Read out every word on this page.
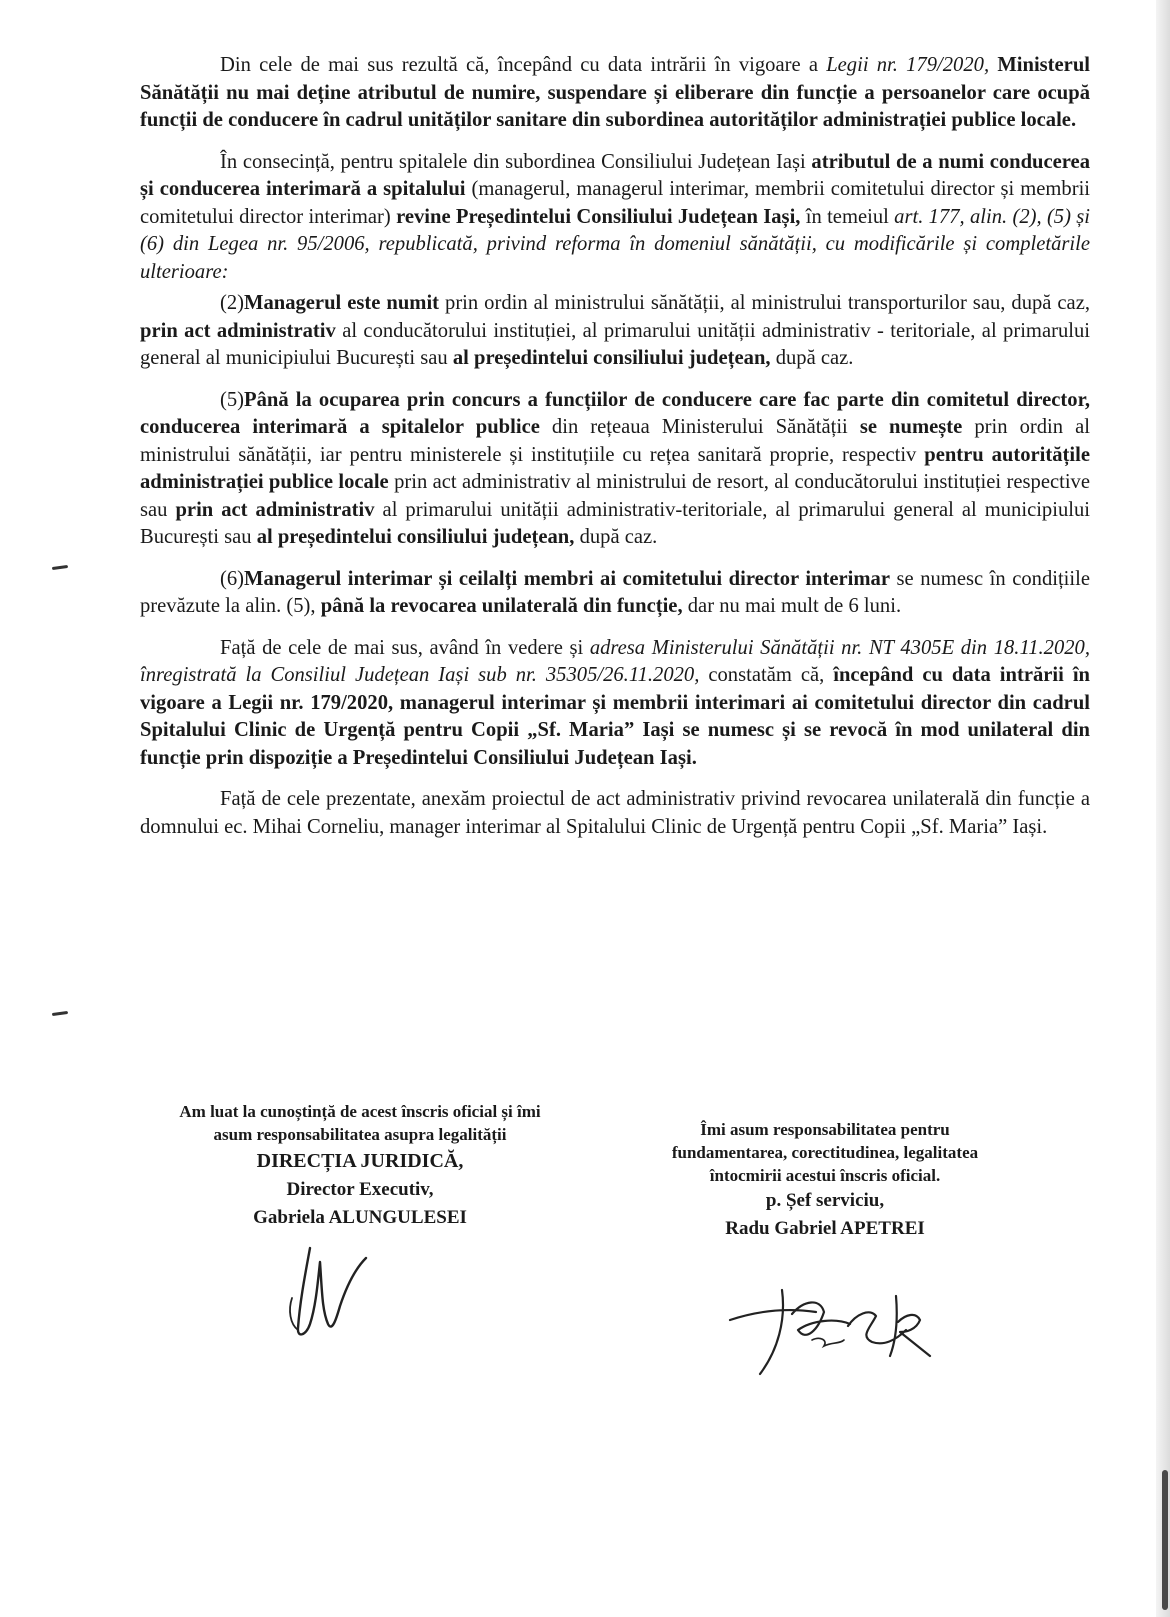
Din cele de mai sus rezultă că, începând cu data intrării în vigoare a Legii nr. 179/2020, Ministerul Sănătății nu mai deține atributul de numire, suspendare și eliberare din funcție a persoanelor care ocupă funcții de conducere în cadrul unităților sanitare din subordinea autorităților administrației publice locale.

În consecință, pentru spitalele din subordinea Consiliului Județean Iași atributul de a numi conducerea și conducerea interimară a spitalului (managerul, managerul interimar, membrii comitetului director și membrii comitetului director interimar) revine Președintelui Consiliului Județean Iași, în temeiul art. 177, alin. (2), (5) și (6) din Legea nr. 95/2006, republicată, privind reforma în domeniul sănătății, cu modificările și completările ulterioare:

(2)Managerul este numit prin ordin al ministrului sănătății, al ministrului transporturilor sau, după caz, prin act administrativ al conducătorului instituției, al primarului unității administrativ - teritoriale, al primarului general al municipiului București sau al președintelui consiliului județean, după caz.

(5)Până la ocuparea prin concurs a funcțiilor de conducere care fac parte din comitetul director, conducerea interimară a spitalelor publice din rețeaua Ministerului Sănătății se numește prin ordin al ministrului sănătății, iar pentru ministerele și instituțiile cu rețea sanitară proprie, respectiv pentru autoritățile administrației publice locale prin act administrativ al ministrului de resort, al conducătorului instituției respective sau prin act administrativ al primarului unității administrativ-teritoriale, al primarului general al municipiului București sau al președintelui consiliului județean, după caz.

(6)Managerul interimar și ceilalți membri ai comitetului director interimar se numesc în condițiile prevăzute la alin. (5), până la revocarea unilaterală din funcție, dar nu mai mult de 6 luni.

Față de cele de mai sus, având în vedere și adresa Ministerului Sănătății nr. NT 4305E din 18.11.2020, înregistrată la Consiliul Județean Iași sub nr. 35305/26.11.2020, constatăm că, începând cu data intrării în vigoare a Legii nr. 179/2020, managerul interimar și membrii interimari ai comitetului director din cadrul Spitalului Clinic de Urgență pentru Copii „Sf. Maria” Iași se numesc și se revocă în mod unilateral din funcție prin dispoziție a Președintelui Consiliului Județean Iași.

Față de cele prezentate, anexăm proiectul de act administrativ privind revocarea unilaterală din funcție a domnului ec. Mihai Corneliu, manager interimar al Spitalului Clinic de Urgență pentru Copii „Sf. Maria” Iași.

Am luat la cunoștință de acest înscris oficial și îmi
asum responsabilitatea asupra legalității
DIRECȚIA JURIDICĂ,
Director Executiv,
Gabriela ALUNGULESEI
Îmi asum responsabilitatea pentru
fundamentarea, corectitudinea, legalitatea
întocmirii acestui înscris oficial.
p. Șef serviciu,
Radu Gabriel APETREI
